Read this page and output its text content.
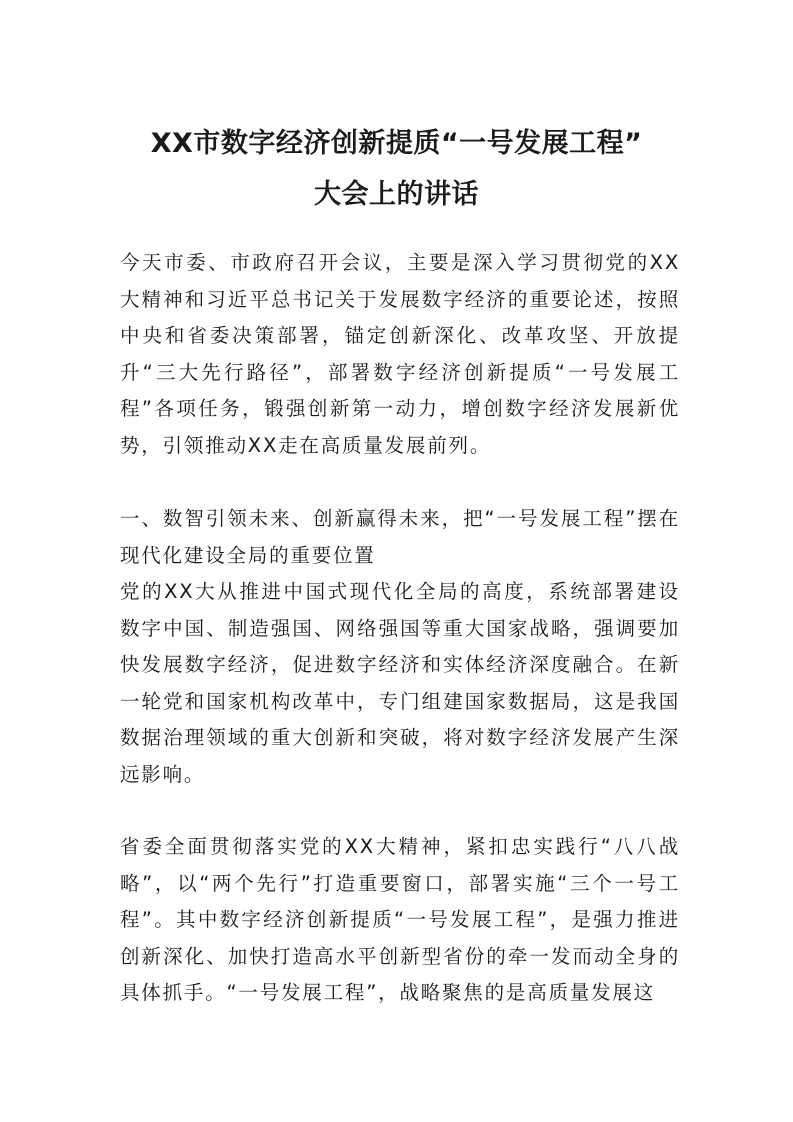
XX市数字经济创新提质“一号发展工程”
大会上的讲话

今天市委、市政府召开会议，主要是深入学习贯彻党的XX大精神和习近平总书记关于发展数字经济的重要论述，按照中央和省委决策部署，锚定创新深化、改革攻坚、开放提升“三大先行路径”，部署数字经济创新提质“一号发展工程”各项任务，锻强创新第一动力，增创数字经济发展新优势，引领推动XX走在高质量发展前列。

一、数智引领未来、创新赢得未来，把“一号发展工程”摆在现代化建设全局的重要位置

党的XX大从推进中国式现代化全局的高度，系统部署建设数字中国、制造强国、网络强国等重大国家战略，强调要加快发展数字经济，促进数字经济和实体经济深度融合。在新一轮党和国家机构改革中，专门组建国家数据局，这是我国数据治理领域的重大创新和突破，将对数字经济发展产生深远影响。

省委全面贯彻落实党的XX大精神，紧扣忠实践行“八八战略”，以“两个先行”打造重要窗口，部署实施“三个一号工程”。其中数字经济创新提质“一号发展工程”，是强力推进创新深化、加快打造高水平创新型省份的牵一发而动全身的具体抓手。“一号发展工程”，战略聚焦的是高质量发展这
